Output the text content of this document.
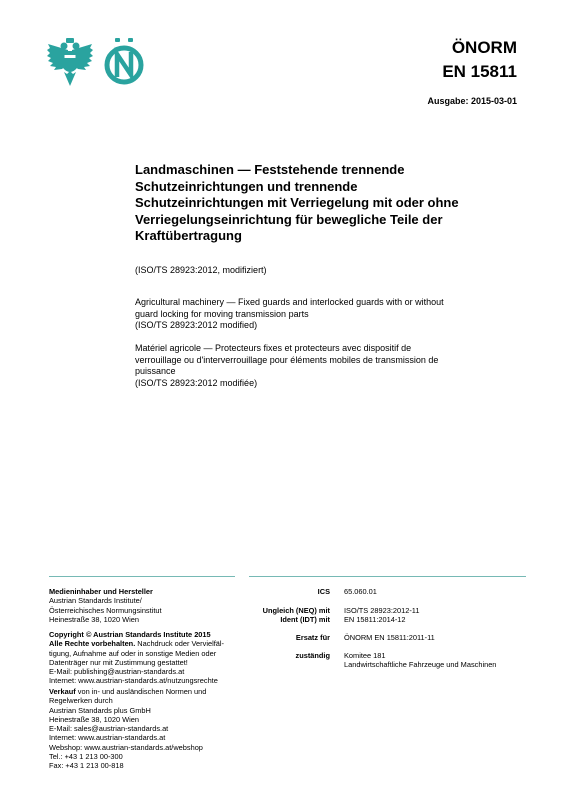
ÖNORM
EN 15811
Ausgabe: 2015-03-01
Landmaschinen — Feststehende trennende
Schutzeinrichtungen und trennende
Schutzeinrichtungen mit Verriegelung mit oder ohne
Verriegelungseinrichtung für bewegliche Teile der
Kraftübertragung
(ISO/TS 28923:2012, modifiziert)
Agricultural machinery — Fixed guards and interlocked guards with or without
guard locking for moving transmission parts
(ISO/TS 28923:2012 modified)
Matériel agricole — Protecteurs fixes et protecteurs avec dispositif de
verrouillage ou d'interverrouillage pour éléments mobiles de transmission de
puissance
(ISO/TS 28923:2012 modifiée)
Medieninhaber und Hersteller
Austrian Standards Institute/
Österreichisches Normungsinstitut
Heinestraße 38, 1020 Wien
Copyright © Austrian Standards Institute 2015
Alle Rechte vorbehalten. Nachdruck oder Vervielfäl-
tigung, Aufnahme auf oder in sonstige Medien oder
Datenträger nur mit Zustimmung gestattet!
E-Mail: publishing@austrian-standards.at
Internet: www.austrian-standards.at/nutzungsrechte
Verkauf von in- und ausländischen Normen und
Regelwerken durch
Austrian Standards plus GmbH
Heinestraße 38, 1020 Wien
E-Mail: sales@austrian-standards.at
Internet: www.austrian-standards.at
Webshop: www.austrian-standards.at/webshop
Tel.: +43 1 213 00-300
Fax: +43 1 213 00-818
ICS 65.060.01
Ungleich (NEQ) mit
Ident (IDT) mit
ISO/TS 28923:2012-11
EN 15811:2014-12
Ersatz für ÖNORM EN 15811:2011-11
zuständig Komitee 181
Landwirtschaftliche Fahrzeuge und Maschinen
